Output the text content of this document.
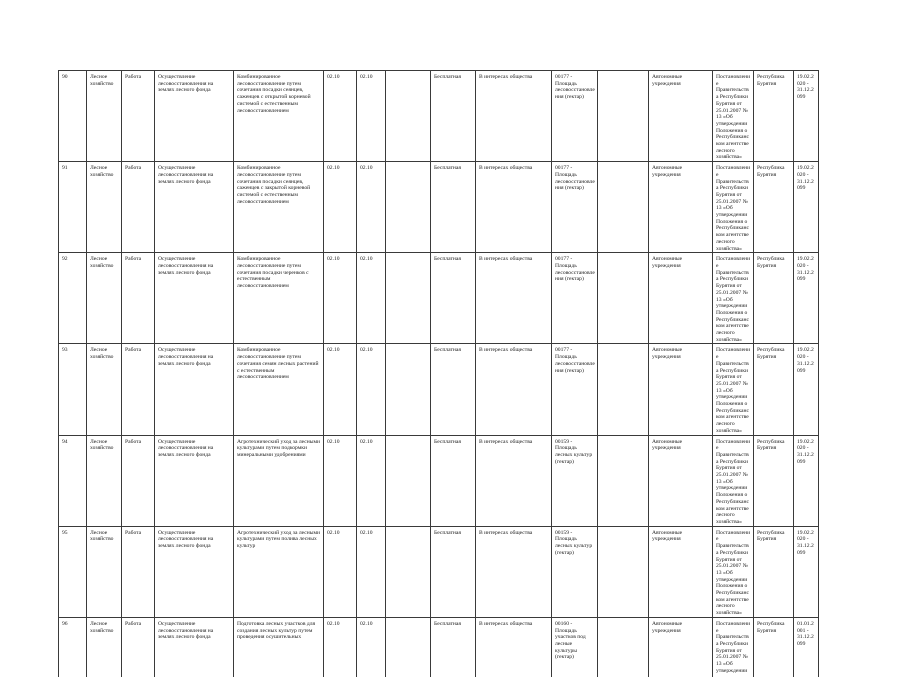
90	Лесное хозяйство	Работа	Осуществление лесовосстановления на землях лесного фонда	Комбинированное лесовосстановление путем сочетания посадки сеянцев, саженцев с открытой корневой системой с естественным лесовосстановлением	02.10	02.10		Бесплатная	В интересах общества	00177 - Площадь лесовосстановления (гектар)		Автономные учреждения	Постановление Правительства Республики Бурятия от 25.01.2007 № 13 «Об утверждении Положения о Республиканском агентстве лесного хозяйства»	Республика Бурятия	19.02.2020 - 31.12.2099
91	Лесное хозяйство	Работа	Осуществление лесовосстановления на землях лесного фонда	Комбинированное лесовосстановление путем сочетания посадки сеянцев, саженцев с закрытой корневой системой с естественным лесовосстановлением	02.10	02.10		Бесплатная	В интересах общества	00177 - Площадь лесовосстановления (гектар)		Автономные учреждения	Постановление Правительства Республики Бурятия от 25.01.2007 № 13 «Об утверждении Положения о Республиканском агентстве лесного хозяйства»	Республика Бурятия	19.02.2020 - 31.12.2099
92	Лесное хозяйство	Работа	Осуществление лесовосстановления на землях лесного фонда	Комбинированное лесовосстановление путем сочетания посадки черенков с естественным лесовосстановлением	02.10	02.10		Бесплатная	В интересах общества	00177 - Площадь лесовосстановления (гектар)		Автономные учреждения	Постановление Правительства Республики Бурятия от 25.01.2007 № 13 «Об утверждении Положения о Республиканском агентстве лесного хозяйства»	Республика Бурятия	19.02.2020 - 31.12.2099
93	Лесное хозяйство	Работа	Осуществление лесовосстановления на землях лесного фонда	Комбинированное лесовосстановление путем сочетания семян лесных растений с естественным лесовосстановлением	02.10	02.10		Бесплатная	В интересах общества	00177 - Площадь лесовосстановления (гектар)		Автономные учреждения	Постановление Правительства Республики Бурятия от 25.01.2007 № 13 «Об утверждении Положения о Республиканском агентстве лесного хозяйства»	Республика Бурятия	19.02.2020 - 31.12.2099
94	Лесное хозяйство	Работа	Осуществление лесовосстановления на землях лесного фонда	Агротехнический уход за лесными культурами путем подкормки минеральными удобрениями	02.10	02.10		Бесплатная	В интересах общества	00159 - Площадь лесных культур (гектар)		Автономные учреждения	Постановление Правительства Республики Бурятия от 25.01.2007 № 13 «Об утверждении Положения о Республиканском агентстве лесного хозяйства»	Республика Бурятия	19.02.2020 - 31.12.2099
95	Лесное хозяйство	Работа	Осуществление лесовосстановления на землях лесного фонда	Агротехнический уход за лесными культурами путем полива лесных культур	02.10	02.10		Бесплатная	В интересах общества	00159 - Площадь лесных культур (гектар)		Автономные учреждения	Постановление Правительства Республики Бурятия от 25.01.2007 № 13 «Об утверждении Положения о Республиканском агентстве лесного хозяйства»	Республика Бурятия	19.02.2020 - 31.12.2099
96	Лесное хозяйство	Работа	Осуществление лесовосстановления на землях лесного фонда	Подготовка лесных участков для создания лесных культур путем проведения осушительных	02.10	02.10		Бесплатная	В интересах общества	00160 - Площадь участков под лесные культуры (гектар)		Автономные учреждения	Постановление Правительства Республики Бурятия от 25.01.2007 № 13 «Об утверждении	Республика Бурятия	01.01.2001 - 31.12.2099
